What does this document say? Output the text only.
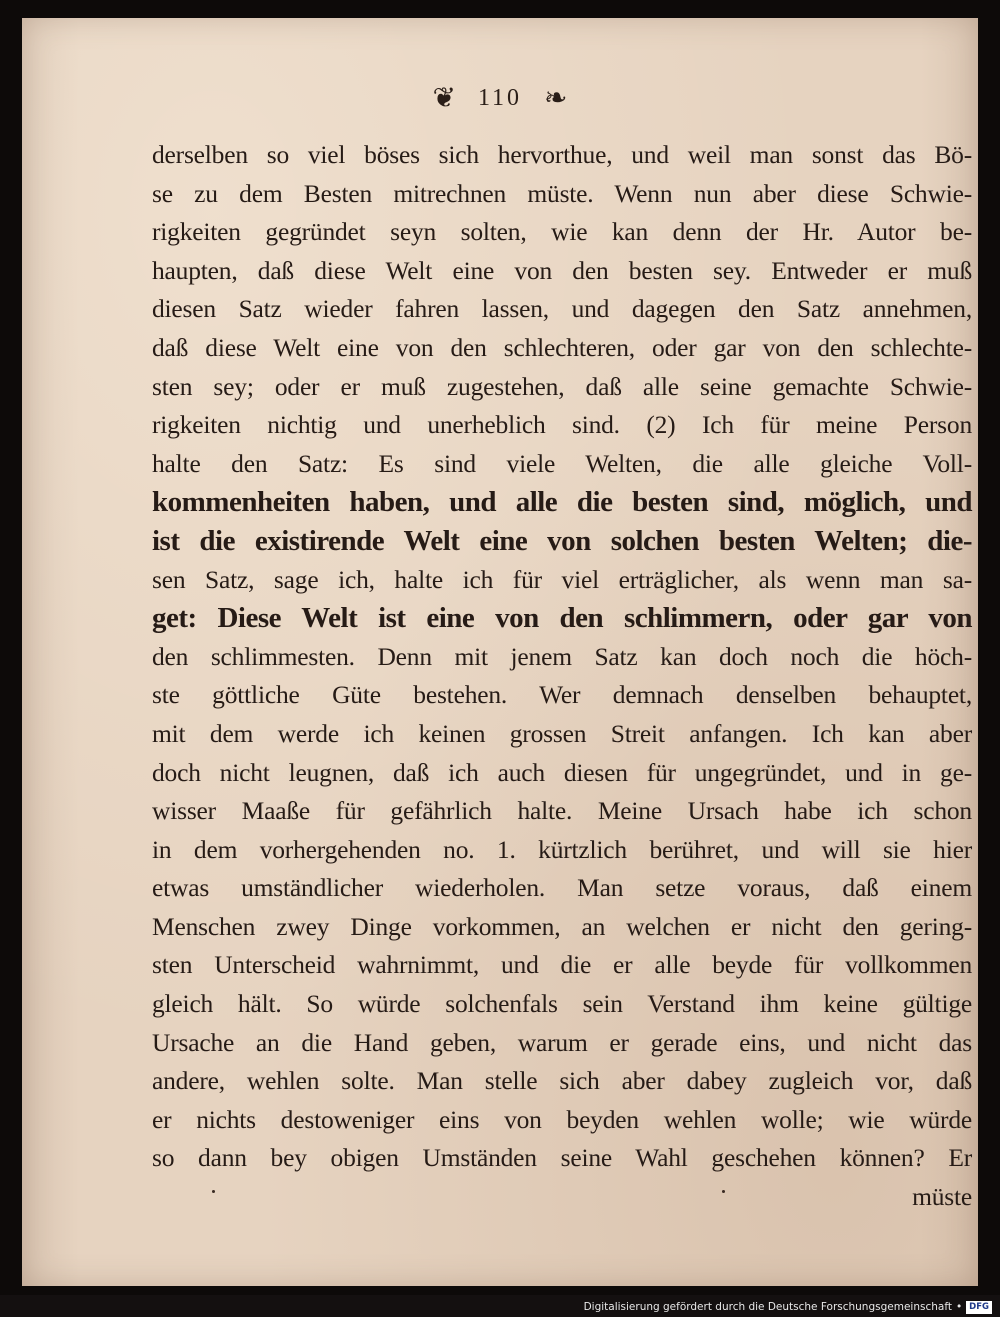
❦ 110 ❧
derselben so viel böses sich hervorthue, und weil man sonst das Bö-
se zu dem Besten mitrechnen müste. Wenn nun aber diese Schwie-
rigkeiten gegründet seyn solten, wie kan denn der Hr. Autor be-
haupten, daß diese Welt eine von den besten sey. Entweder er muß
diesen Satz wieder fahren lassen, und dagegen den Satz annehmen,
daß diese Welt eine von den schlechteren, oder gar von den schlechte-
sten sey; oder er muß zugestehen, daß alle seine gemachte Schwie-
rigkeiten nichtig und unerheblich sind. (2) Ich für meine Person
halte den Satz: Es sind viele Welten, die alle gleiche Voll-
kommenheiten haben, und alle die besten sind, möglich, und
ist die existirende Welt eine von solchen besten Welten; die-
sen Satz, sage ich, halte ich für viel erträglicher, als wenn man sa-
get: Diese Welt ist eine von den schlimmern, oder gar von
den schlimmesten. Denn mit jenem Satz kan doch noch die höch-
ste göttliche Güte bestehen. Wer demnach denselben behauptet,
mit dem werde ich keinen grossen Streit anfangen. Ich kan aber
doch nicht leugnen, daß ich auch diesen für ungegründet, und in ge-
wisser Maaße für gefährlich halte. Meine Ursach habe ich schon
in dem vorhergehenden no. 1. kürtzlich berühret, und will sie hier
etwas umständlicher wiederholen. Man setze voraus, daß einem
Menschen zwey Dinge vorkommen, an welchen er nicht den gering-
sten Unterscheid wahrnimmt, und die er alle beyde für vollkommen
gleich hält. So würde solchenfals sein Verstand ihm keine gültige
Ursache an die Hand geben, warum er gerade eins, und nicht das
andere, wehlen solte. Man stelle sich aber dabey zugleich vor, daß
er nichts destoweniger eins von beyden wehlen wolle; wie würde
so dann bey obigen Umständen seine Wahl geschehen können? Er
müste
Digitalisierung gefördert durch die Deutsche Forschungsgemeinschaft • DFG
